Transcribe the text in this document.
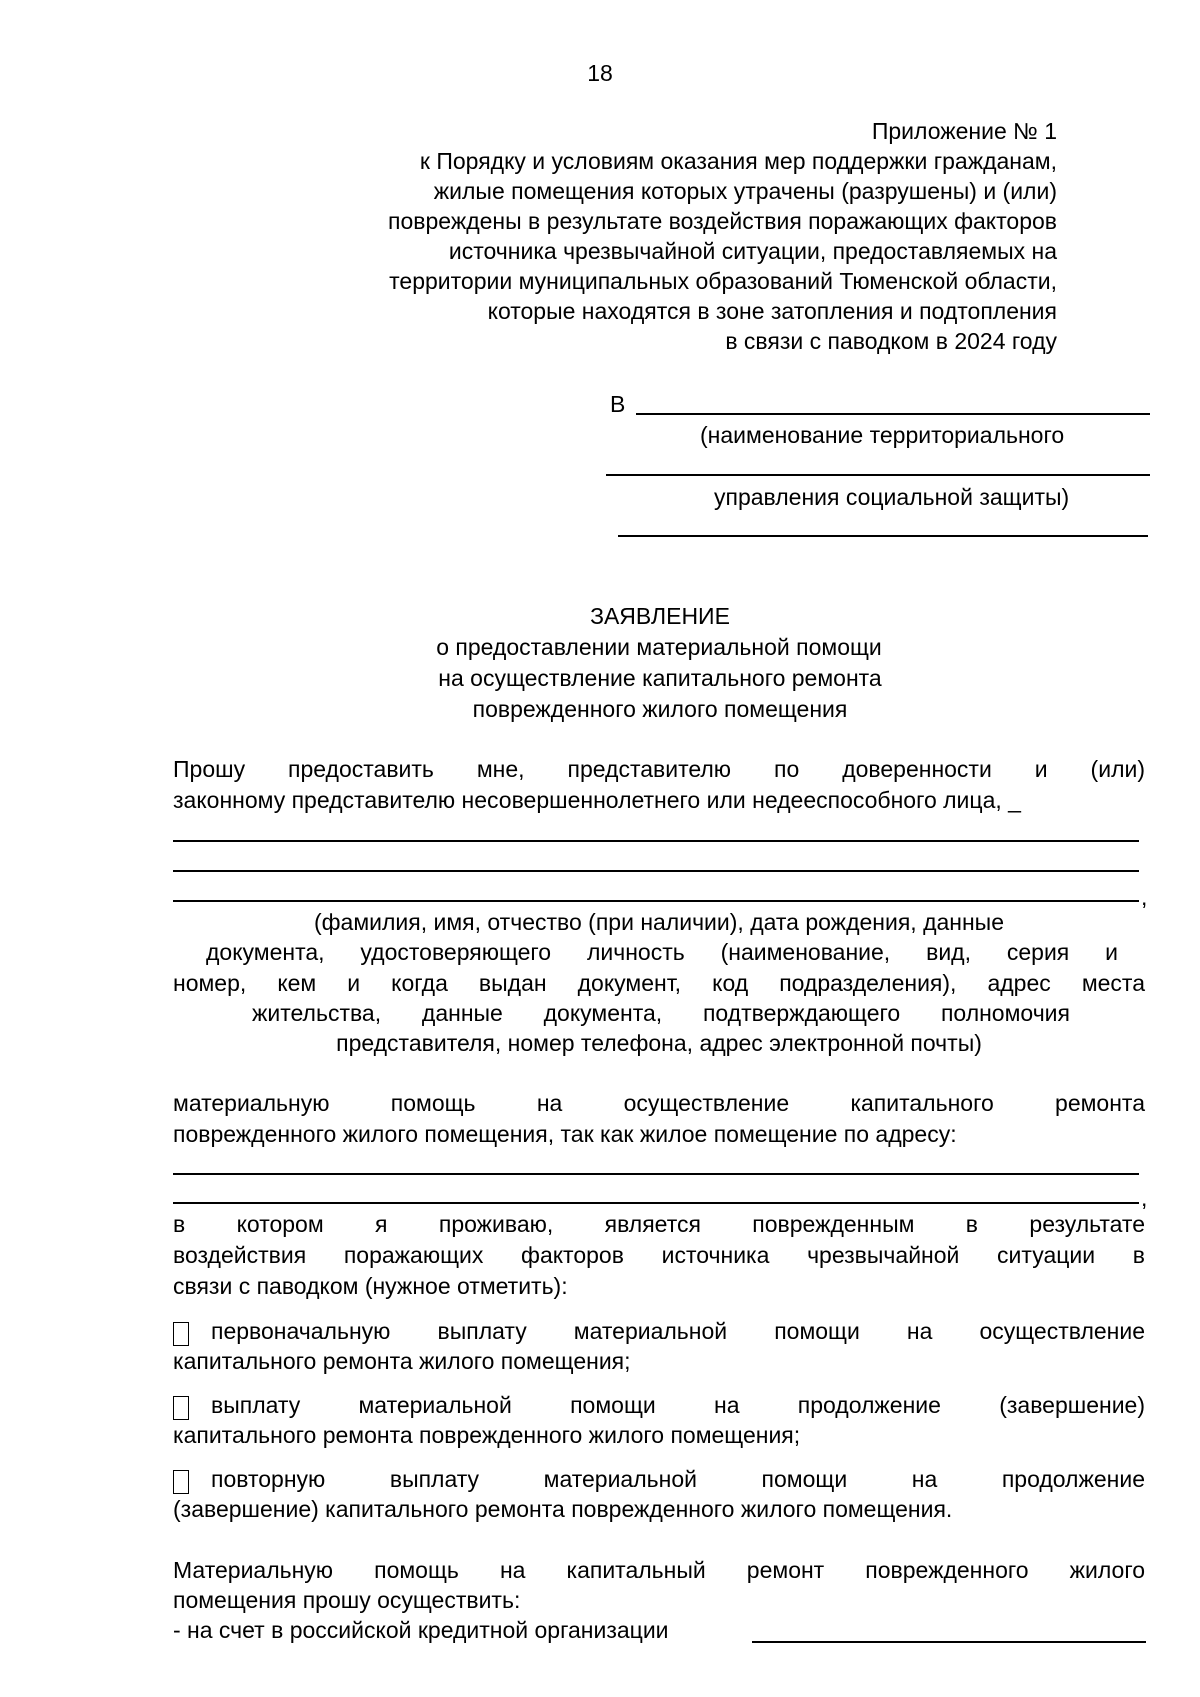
18
Приложение № 1
к Порядку и условиям оказания мер поддержки гражданам,
жилые помещения которых утрачены (разрушены) и (или)
повреждены в результате воздействия поражающих факторов
источника чрезвычайной ситуации, предоставляемых на
территории муниципальных образований Тюменской области,
которые находятся в зоне затопления и подтопления
в связи с паводком в 2024 году
В
(наименование территориального
управления социальной защиты)
ЗАЯВЛЕНИЕ
о предоставлении материальной помощи
на осуществление капитального ремонта
поврежденного жилого помещения
Прошу предоставить мне, представителю по доверенности и (или)
законному представителю несовершеннолетнего или недееспособного лица, _
,
(фамилия, имя, отчество (при наличии), дата рождения, данные
документа, удостоверяющего личность (наименование, вид, серия и
номер, кем и когда выдан документ, код подразделения), адрес места
жительства, данные документа, подтверждающего полномочия
представителя, номер телефона, адрес электронной почты)
материальную помощь на осуществление капитального ремонта
поврежденного жилого помещения, так как жилое помещение по адресу:
,
в котором я проживаю, является поврежденным в результате
воздействия поражающих факторов источника чрезвычайной ситуации в
связи с паводком (нужное отметить):
первоначальную выплату материальной помощи на осуществление
капитального ремонта жилого помещения;
выплату материальной помощи на продолжение (завершение)
капитального ремонта поврежденного жилого помещения;
повторную выплату материальной помощи на продолжение
(завершение) капитального ремонта поврежденного жилого помещения.
Материальную помощь на капитальный ремонт поврежденного жилого
помещения прошу осуществить:
- на счет в российской кредитной организации
